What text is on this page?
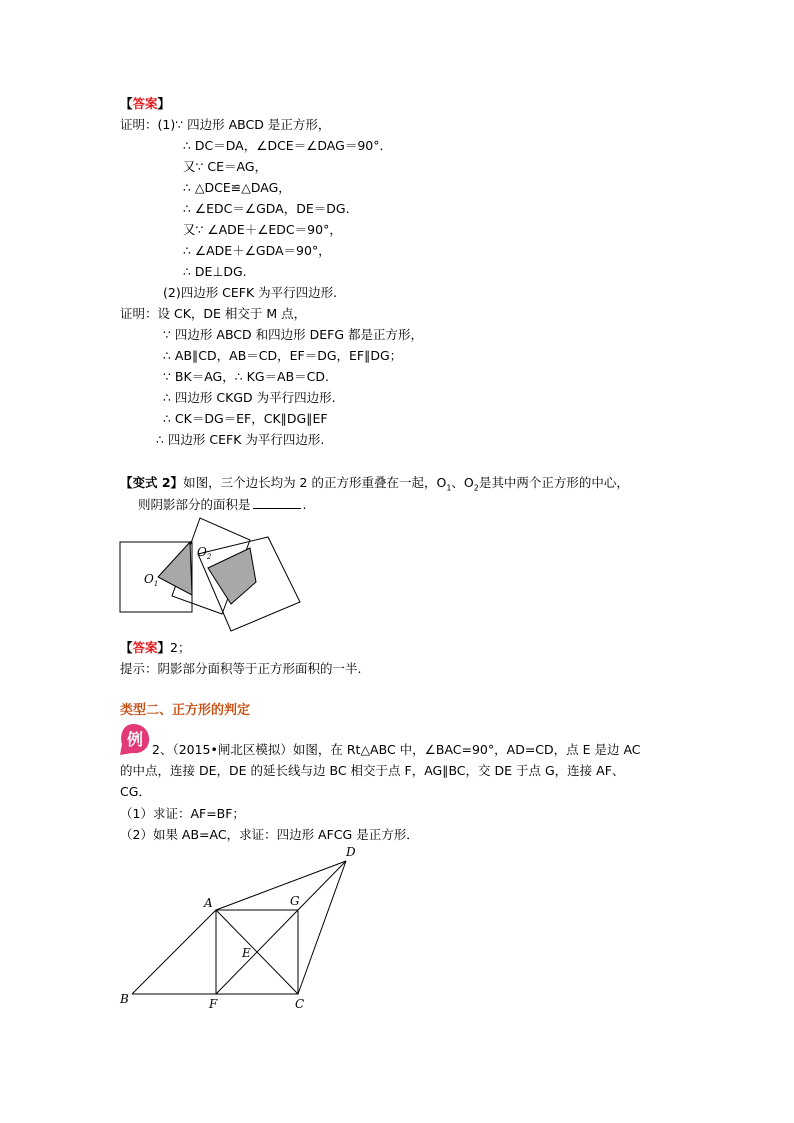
【答案】
证明：(1)∵ 四边形 ABCD 是正方形，
∴ DC＝DA，∠DCE＝∠DAG＝90°．
又∵ CE＝AG，
∴ △DCE≌△DAG，
∴ ∠EDC＝∠GDA，DE＝DG.
又∵ ∠ADE＋∠EDC＝90°，
∴ ∠ADE＋∠GDA＝90°，
∴ DE⊥DG.
(2)四边形 CEFK 为平行四边形.
证明：设 CK，DE 相交于 M 点，
∵ 四边形 ABCD 和四边形 DEFG 都是正方形，
∴ AB∥CD，AB＝CD，EF＝DG，EF∥DG；
∵ BK＝AG，∴ KG＝AB＝CD.
∴ 四边形 CKGD 为平行四边形.
∴ CK＝DG＝EF，CK∥DG∥EF
∴ 四边形 CEFK 为平行四边形.
【变式 2】如图，三个边长均为 2 的正方形重叠在一起，$O_1$、$O_2$是其中两个正方形的中心，
则阴影部分的面积是	.
$O_1$
$O_2$
【答案】2；
提示：阴影部分面积等于正方形面积的一半.
类型二、正方形的判定
例
2、（2015•闸北区模拟）如图，在 Rt△ABC 中，∠BAC=90°，AD=CD，点 E 是边 AC
的中点，连接 DE，DE 的延长线与边 BC 相交于点 F，AG∥BC，交 DE 于点 G，连接 AF、
CG．
（1）求证：AF=BF；
（2）如果 AB=AC，求证：四边形 AFCG 是正方形．
A
B	C
D
E
F
G
